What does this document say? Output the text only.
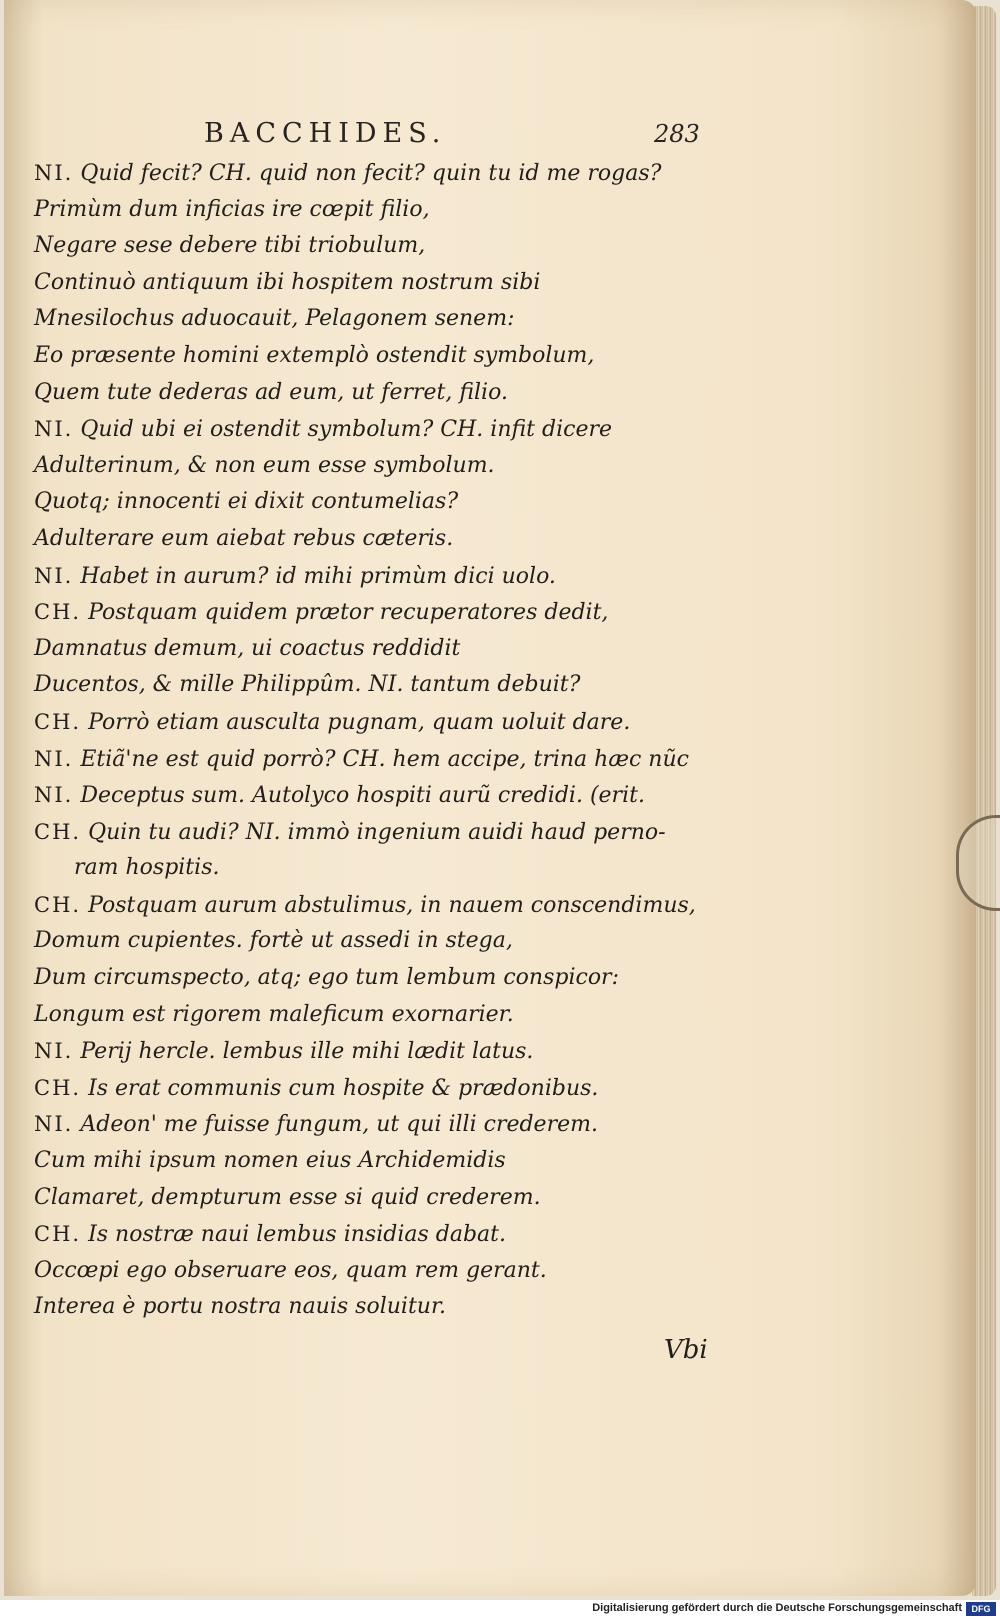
BACCHIDES.	283
NI. Quid fecit? CH. quid non fecit? quin tu id me rogas?
Primùm dum inficias ire cœpit filio,
Negare sese debere tibi triobulum,
Continuò antiquum ibi hospitem nostrum sibi
Mnesilochus aduocauit, Pelagonem senem:
Eo præsente homini extemplò ostendit symbolum,
Quem tute dederas ad eum, ut ferret, filio.
NI. Quid ubi ei ostendit symbolum? CH. infit dicere
Adulterinum, & non eum esse symbolum.
Quotq; innocenti ei dixit contumelias?
Adulterare eum aiebat rebus cæteris.
NI. Habet in aurum? id mihi primùm dici uolo.
CH. Postquam quidem prætor recuperatores dedit,
Damnatus demum, ui coactus reddidit
Ducentos, & mille Philippûm. NI. tantum debuit?
CH. Porrò etiam ausculta pugnam, quam uoluit dare.
NI. Etiã'ne est quid porrò? CH. hem accipe, trina hæc nũc
NI. Deceptus sum. Autolyco hospiti aurũ credidi. (erit.
CH. Quin tu audi? NI. immò ingenium auidi haud perno-
ram hospitis.
CH. Postquam aurum abstulimus, in nauem conscendimus,
Domum cupientes. fortè ut assedi in stega,
Dum circumspecto, atq; ego tum lembum conspicor:
Longum est rigorem maleficum exornarier.
NI. Perij hercle. lembus ille mihi lædit latus.
CH. Is erat communis cum hospite & prædonibus.
NI. Adeon' me fuisse fungum, ut qui illi crederem.
Cum mihi ipsum nomen eius Archidemidis
Clamaret, dempturum esse si quid crederem.
CH. Is nostræ naui lembus insidias dabat.
Occœpi ego obseruare eos, quam rem gerant.
Interea è portu nostra nauis soluitur.
Vbi
Digitalisierung gefördert durch die Deutsche Forschungsgemeinschaft	DFG
